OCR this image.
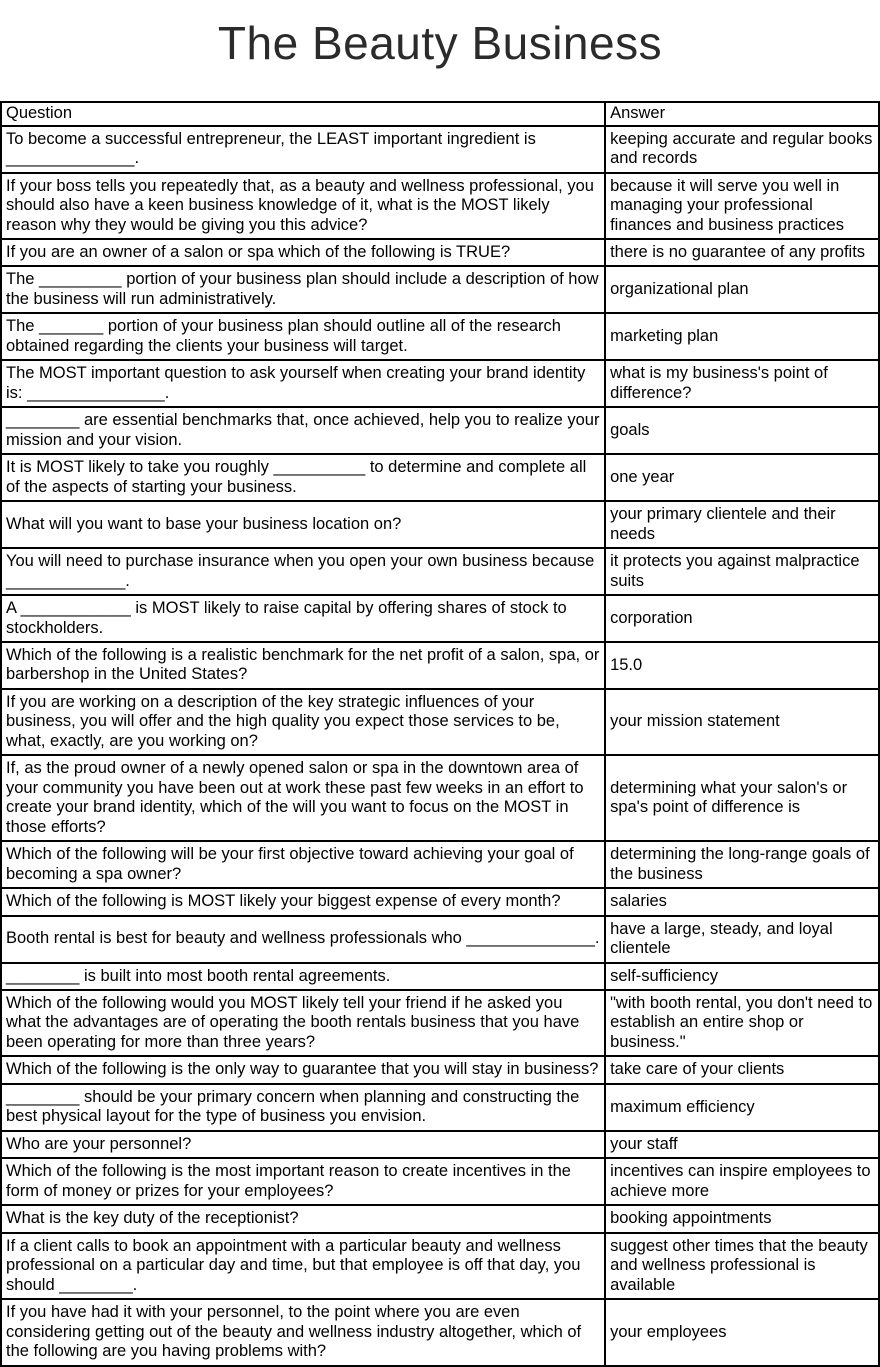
The Beauty Business
Question	Answer
To become a successful entrepreneur, the LEAST important ingredient is ______________.	keeping accurate and regular books and records
If your boss tells you repeatedly that, as a beauty and wellness professional, you should also have a keen business knowledge of it, what is the MOST likely reason why they would be giving you this advice?	because it will serve you well in managing your professional finances and business practices
If you are an owner of a salon or spa which of the following is TRUE?	there is no guarantee of any profits
The _________ portion of your business plan should include a description of how the business will run administratively.	organizational plan
The _______ portion of your business plan should outline all of the research obtained regarding the clients your business will target.	marketing plan
The MOST important question to ask yourself when creating your brand identity is: _______________.	what is my business's point of difference?
________ are essential benchmarks that, once achieved, help you to realize your mission and your vision.	goals
It is MOST likely to take you roughly __________ to determine and complete all of the aspects of starting your business.	one year
What will you want to base your business location on?	your primary clientele and their needs
You will need to purchase insurance when you open your own business because _____________.	it protects you against malpractice suits
A ____________ is MOST likely to raise capital by offering shares of stock to stockholders.	corporation
Which of the following is a realistic benchmark for the net profit of a salon, spa, or barbershop in the United States?	15.0
If you are working on a description of the key strategic influences of your business, you will offer and the high quality you expect those services to be, what, exactly, are you working on?	your mission statement
If, as the proud owner of a newly opened salon or spa in the downtown area of your community you have been out at work these past few weeks in an effort to create your brand identity, which of the will you want to focus on the MOST in those efforts?	determining what your salon's or spa's point of difference is
Which of the following will be your first objective toward achieving your goal of becoming a spa owner?	determining the long-range goals of the business
Which of the following is MOST likely your biggest expense of every month?	salaries
Booth rental is best for beauty and wellness professionals who ______________.	have a large, steady, and loyal clientele
________ is built into most booth rental agreements.	self-sufficiency
Which of the following would you MOST likely tell your friend if he asked you what the advantages are of operating the booth rentals business that you have been operating for more than three years?	"with booth rental, you don't need to establish an entire shop or business."
Which of the following is the only way to guarantee that you will stay in business?	take care of your clients
________ should be your primary concern when planning and constructing the best physical layout for the type of business you envision.	maximum efficiency
Who are your personnel?	your staff
Which of the following is the most important reason to create incentives in the form of money or prizes for your employees?	incentives can inspire employees to achieve more
What is the key duty of the receptionist?	booking appointments
If a client calls to book an appointment with a particular beauty and wellness professional on a particular day and time, but that employee is off that day, you should ________.	suggest other times that the beauty and wellness professional is available
If you have had it with your personnel, to the point where you are even considering getting out of the beauty and wellness industry altogether, which of the following are you having problems with?	your employees
